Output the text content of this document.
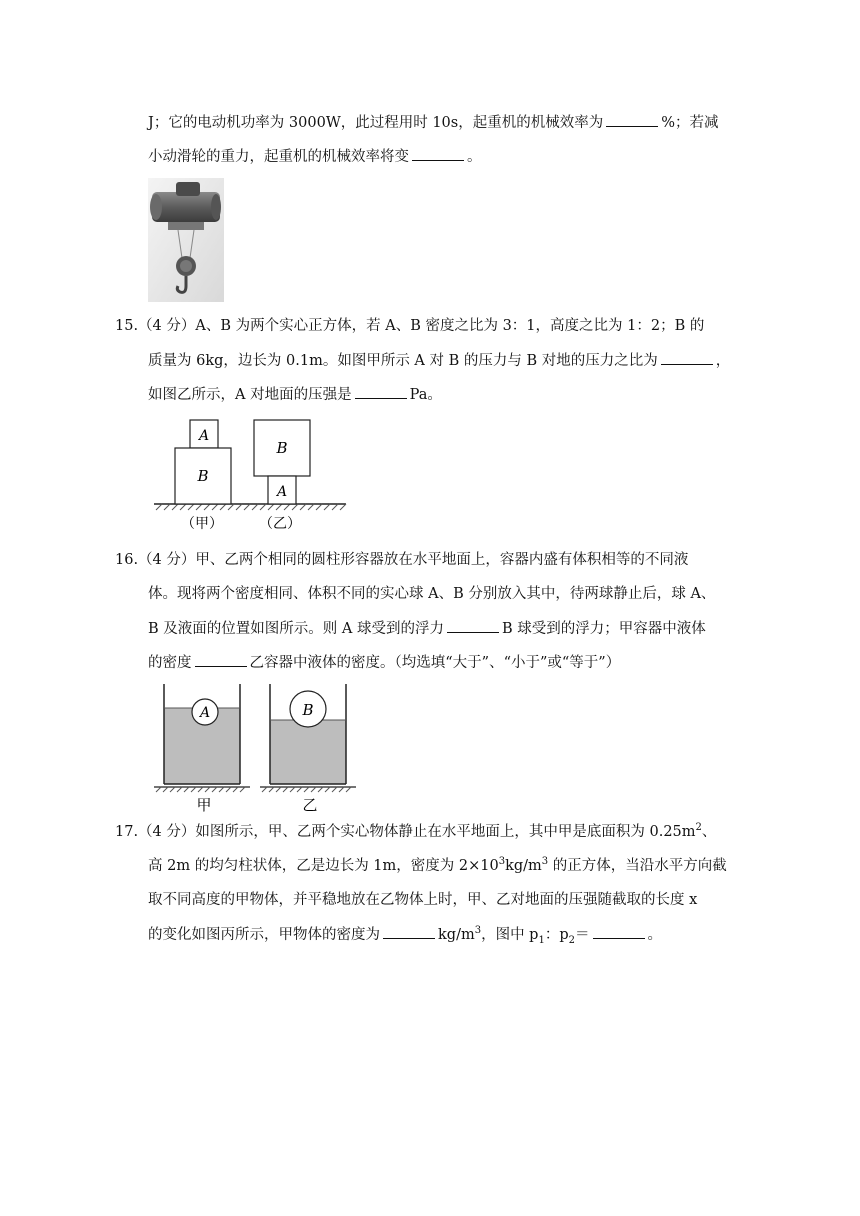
J；它的电动机功率为 3000W，此过程用时 10s，起重机的机械效率为	%；若减
小动滑轮的重力，起重机的机械效率将变	。
15.（4 分）A、B 为两个实心正方体，若 A、B 密度之比为 3：1，高度之比为 1：2；B 的
质量为 6kg，边长为 0.1m。如图甲所示 A 对 B 的压力与 B 对地的压力之比为	，
如图乙所示，A 对地面的压强是	Pa。
A
B
B
A
（甲）	（乙）
16.（4 分）甲、乙两个相同的圆柱形容器放在水平地面上，容器内盛有体积相等的不同液
体。现将两个密度相同、体积不同的实心球 A、B 分别放入其中，待两球静止后，球 A、
B 及液面的位置如图所示。则 A 球受到的浮力	B 球受到的浮力；甲容器中液体
的密度	乙容器中液体的密度。（均选填“大于”、“小于”或“等于”）
A	B
甲	乙
17.（4 分）如图所示，甲、乙两个实心物体静止在水平地面上，其中甲是底面积为 $0.25m^2$、
高 2m 的均匀柱状体，乙是边长为 1m，密度为 $2\times 10^3kg/m^3$ 的正方体，当沿水平方向截
取不同高度的甲物体，并平稳地放在乙物体上时，甲、乙对地面的压强随截取的长度 x
的变化如图丙所示，甲物体的密度为	$kg/m^3$，图中 $p_1$：$p_2=$	。
